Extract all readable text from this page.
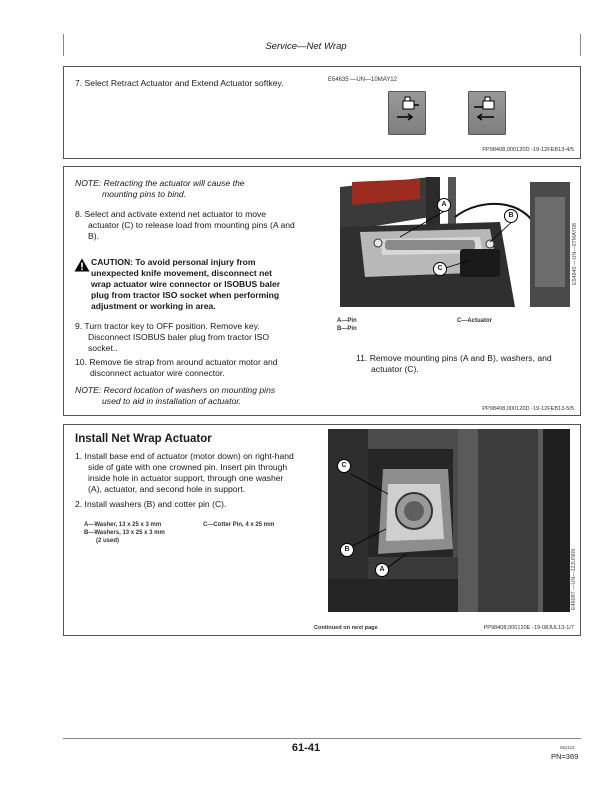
Service—Net Wrap
7. Select Retract Actuator and Extend Actuator softkey.	E64635 —UN—10MAY12
PP98408,000120D -19-12FEB13-4/5
NOTE: Retracting the actuator will cause the
mounting pins to bind.
8. Select and activate extend net actuator to move
actuator (C) to release load from mounting pins (A and
B).
CAUTION: To avoid personal injury from
unexpected knife movement, disconnect net
wrap actuator wire connector or ISOBUS baler
plug from tractor ISO socket when performing
adjustment or working in area.
9. Turn tractor key to OFF position. Remove key.
Disconnect ISOBUS baler plug from tractor ISO
socket..
10. Remove tie strap from around actuator motor and
disconnect actuator wire connector.
NOTE: Record location of washers on mounting pins
used to aid in installation of actuator.
A
B
C	E54840 —UN—07MAY08
A—Pin
B—Pin
C—Actuator
11. Remove mounting pins (A and B), washers, and
actuator (C).
PP98408,000120D -19-12FEB13-5/5
Install Net Wrap Actuator
1. Install base end of actuator (motor down) on right-hand
side of gate with one crowned pin. Insert pin through
inside hole in actuator support, through one washer
(A), actuator, and second hole in support.
2. Install washers (B) and cotter pin (C).
A—Washer, 13 x 25 x 3 mm
B—Washers, 13 x 25 x 3 mm
(2 used)
C—Cotter Pin, 4 x 25 mm
C
B
A	E46087 —UN—12JUN09
Continued on next page	PP98408,000120E -19-08JUL13-1/7
61-41	062115
PN=369
